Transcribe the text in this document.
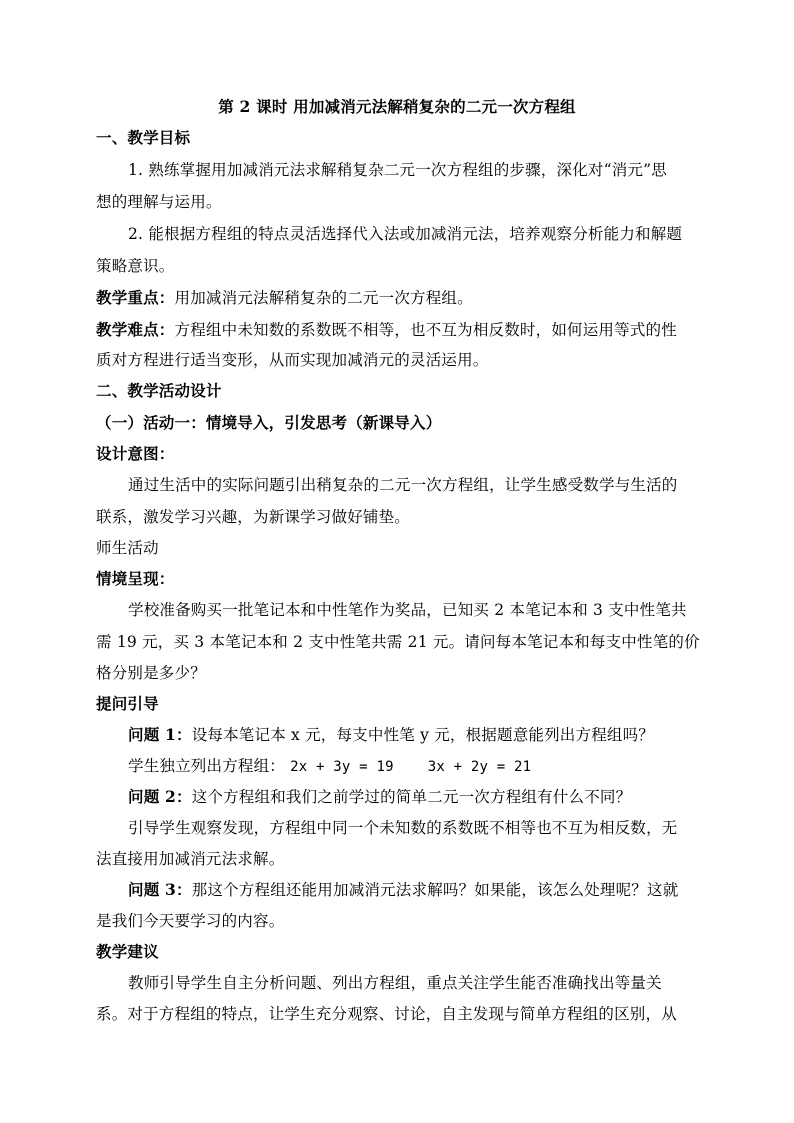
第 2 课时 用加减消元法解稍复杂的二元一次方程组
一、教学目标
1. 熟练掌握用加减消元法求解稍复杂二元一次方程组的步骤，深化对“消元”思
想的理解与运用。
2. 能根据方程组的特点灵活选择代入法或加减消元法，培养观察分析能力和解题
策略意识。
教学重点：用加减消元法解稍复杂的二元一次方程组。
教学难点：方程组中未知数的系数既不相等，也不互为相反数时，如何运用等式的性
质对方程进行适当变形，从而实现加减消元的灵活运用。
二、教学活动设计
（一）活动一：情境导入，引发思考（新课导入）
设计意图：
通过生活中的实际问题引出稍复杂的二元一次方程组，让学生感受数学与生活的
联系，激发学习兴趣，为新课学习做好铺垫。
师生活动
情境呈现：
学校准备购买一批笔记本和中性笔作为奖品，已知买 2 本笔记本和 3 支中性笔共
需 19 元，买 3 本笔记本和 2 支中性笔共需 21 元。请问每本笔记本和每支中性笔的价
格分别是多少？
提问引导
问题 1：设每本笔记本 x 元，每支中性笔 y 元，根据题意能列出方程组吗？
学生独立列出方程组： 2x + 3y = 19 3x + 2y = 21
问题 2：这个方程组和我们之前学过的简单二元一次方程组有什么不同？
引导学生观察发现，方程组中同一个未知数的系数既不相等也不互为相反数，无
法直接用加减消元法求解。
问题 3：那这个方程组还能用加减消元法求解吗？如果能，该怎么处理呢？这就
是我们今天要学习的内容。
教学建议
教师引导学生自主分析问题、列出方程组，重点关注学生能否准确找出等量关
系。对于方程组的特点，让学生充分观察、讨论，自主发现与简单方程组的区别，从
